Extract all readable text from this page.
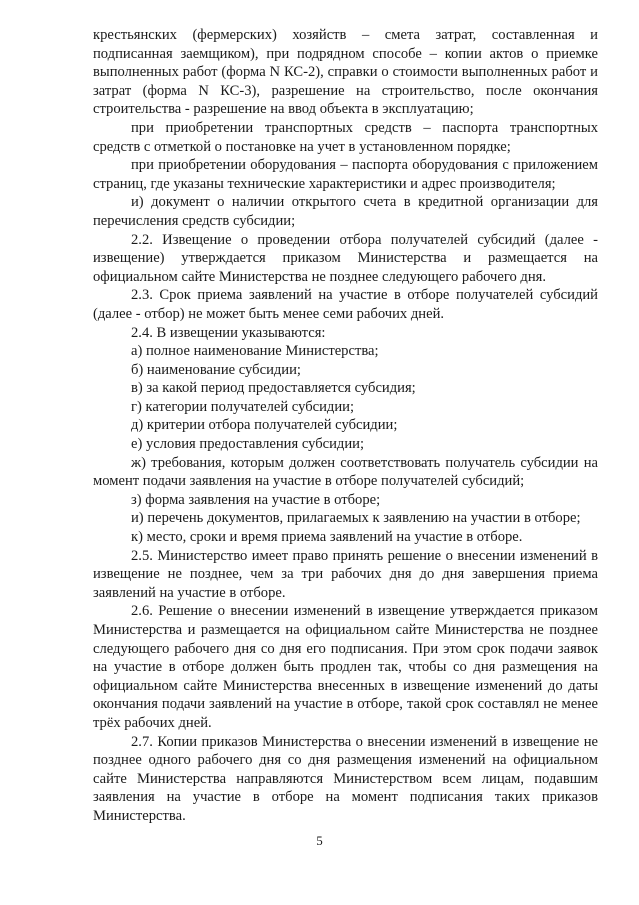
крестьянских (фермерских) хозяйств – смета затрат, составленная и подписанная заемщиком), при подрядном способе – копии актов о приемке выполненных работ (форма N КС-2), справки о стоимости выполненных работ и затрат (форма N КС-3), разрешение на строительство, после окончания строительства - разрешение на ввод объекта в эксплуатацию;

при приобретении транспортных средств – паспорта транспортных средств с отметкой о постановке на учет в установленном порядке;

при приобретении оборудования – паспорта оборудования с приложением страниц, где указаны технические характеристики и адрес производителя;

и) документ о наличии открытого счета в кредитной организации для перечисления средств субсидии;

2.2. Извещение о проведении отбора получателей субсидий (далее - извещение) утверждается приказом Министерства и размещается на официальном сайте Министерства не позднее следующего рабочего дня.

2.3. Срок приема заявлений на участие в отборе получателей субсидий (далее - отбор) не может быть менее семи рабочих дней.

2.4. В извещении указываются:

а) полное наименование Министерства;

б) наименование субсидии;

в) за какой период предоставляется субсидия;

г) категории получателей субсидии;

д) критерии отбора получателей субсидии;

е) условия предоставления субсидии;

ж) требования, которым должен соответствовать получатель субсидии на момент подачи заявления на участие в отборе получателей субсидий;

з) форма заявления на участие в отборе;

и) перечень документов, прилагаемых к заявлению на участии в отборе;

к) место, сроки и время приема заявлений на участие в отборе.

2.5. Министерство имеет право принять решение о внесении изменений в извещение не позднее, чем за три рабочих дня до дня завершения приема заявлений на участие в отборе.

2.6. Решение о внесении изменений в извещение утверждается приказом Министерства и размещается на официальном сайте Министерства не позднее следующего рабочего дня со дня его подписания. При этом срок подачи заявок на участие в отборе должен быть продлен так, чтобы со дня размещения на официальном сайте Министерства внесенных в извещение изменений до даты окончания подачи заявлений на участие в отборе, такой срок составлял не менее трёх рабочих дней.

2.7. Копии приказов Министерства о внесении изменений в извещение не позднее одного рабочего дня со дня размещения изменений на официальном сайте Министерства направляются Министерством всем лицам, подавшим заявления на участие в отборе на момент подписания таких приказов Министерства.

5
